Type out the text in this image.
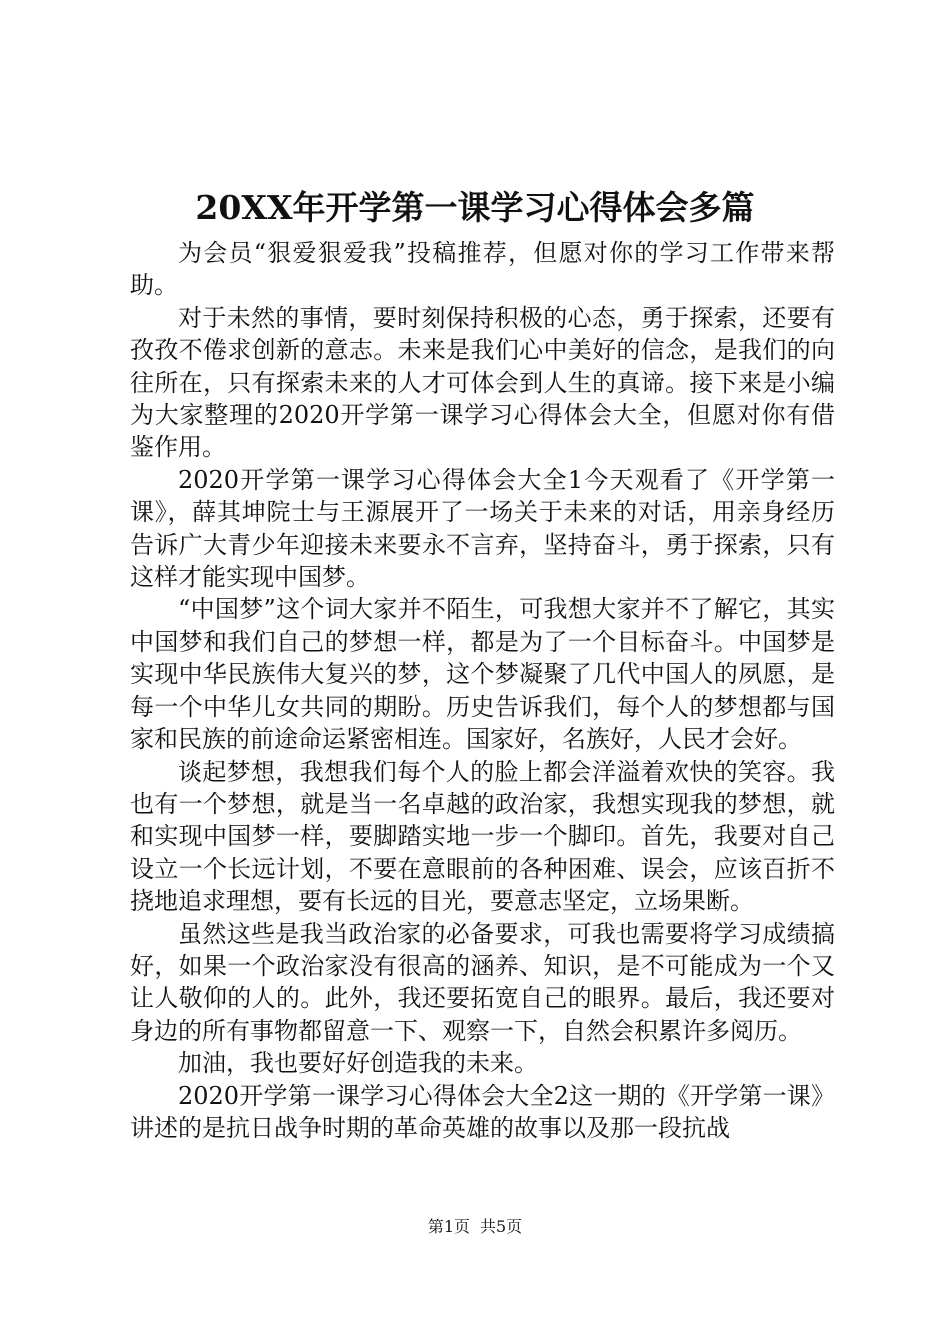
20XX年开学第一课学习心得体会多篇

为会员“狠爱狠爱我”投稿推荐，但愿对你的学习工作带来帮助。

对于未然的事情，要时刻保持积极的心态，勇于探索，还要有孜孜不倦求创新的意志。未来是我们心中美好的信念，是我们的向往所在，只有探索未来的人才可体会到人生的真谛。接下来是小编为大家整理的2020开学第一课学习心得体会大全，但愿对你有借鉴作用。

2020开学第一课学习心得体会大全1今天观看了《开学第一课》，薛其坤院士与王源展开了一场关于未来的对话，用亲身经历告诉广大青少年迎接未来要永不言弃，坚持奋斗，勇于探索，只有这样才能实现中国梦。

“中国梦”这个词大家并不陌生，可我想大家并不了解它，其实中国梦和我们自己的梦想一样，都是为了一个目标奋斗。中国梦是实现中华民族伟大复兴的梦，这个梦凝聚了几代中国人的夙愿，是每一个中华儿女共同的期盼。历史告诉我们，每个人的梦想都与国家和民族的前途命运紧密相连。国家好，名族好，人民才会好。

谈起梦想，我想我们每个人的脸上都会洋溢着欢快的笑容。我也有一个梦想，就是当一名卓越的政治家，我想实现我的梦想，就和实现中国梦一样，要脚踏实地一步一个脚印。首先，我要对自己设立一个长远计划，不要在意眼前的各种困难、误会，应该百折不挠地追求理想，要有长远的目光，要意志坚定，立场果断。

虽然这些是我当政治家的必备要求，可我也需要将学习成绩搞好，如果一个政治家没有很高的涵养、知识，是不可能成为一个又让人敬仰的人的。此外，我还要拓宽自己的眼界。最后，我还要对身边的所有事物都留意一下、观察一下，自然会积累许多阅历。

加油，我也要好好创造我的未来。

2020开学第一课学习心得体会大全2这一期的《开学第一课》讲述的是抗日战争时期的革命英雄的故事以及那一段抗战

第1页 共5页
